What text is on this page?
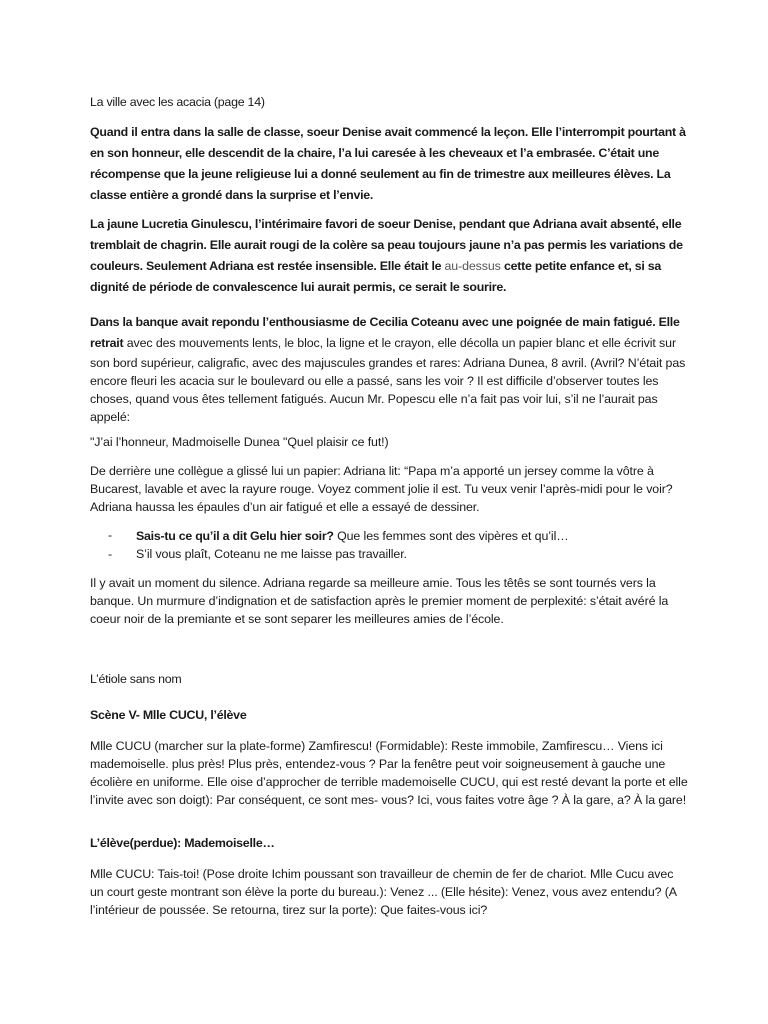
La ville avec les acacia (page 14)

Quand il entra dans la salle de classe, soeur Denise avait commencé la leçon. Elle l’interrompit pourtant à en son honneur, elle descendit de la chaire, l’a lui caresée à les cheveaux et l’a embrasée. C’était une récompense que la jeune religieuse lui a donné seulement au fin de trimestre aux meilleures élèves. La classe entière a grondé dans la surprise et l’envie.

La jaune Lucretia Ginulescu, l’intérimaire favori de soeur Denise, pendant que Adriana avait absenté, elle tremblait de chagrin. Elle aurait rougi de la colère sa peau toujours jaune n’a pas permis les variations de couleurs. Seulement Adriana est restée insensible. Elle était le au-dessus cette petite enfance et, si sa dignité de période de convalescence lui aurait permis, ce serait le sourire.

Dans la banque avait repondu l’enthousiasme de Cecilia Coteanu avec une poignée de main fatigué. Elle retrait avec des mouvements lents, le bloc, la ligne et le crayon, elle décolla un papier blanc et elle écrivit sur son bord supérieur, caligrafic, avec des majuscules grandes et rares: Adriana Dunea, 8 avril. (Avril? N’était pas encore fleuri les acacia sur le boulevard ou elle a passé, sans les voir ? Il est difficile d’observer toutes les choses, quand vous êtes tellement fatigués. Aucun Mr. Popescu elle n’a fait pas voir lui, s’il ne l’aurait pas appelé:

"J’ai l’honneur, Madmoiselle Dunea "Quel plaisir ce fut!)

De derrière une collègue a glissé lui un papier: Adriana lit: “Papa m’a apporté un jersey comme la vôtre à Bucarest, lavable et avec la rayure rouge. Voyez comment jolie il est. Tu veux venir l’après-midi pour le voir? Adriana haussa les épaules d’un air fatigué et elle a essayé de dessiner.

- Sais-tu ce qu’il a dit Gelu hier soir? Que les femmes sont des vipères et qu’il…
- S’il vous plaît, Coteanu ne me laisse pas travailler.

Il y avait un moment du silence. Adriana regarde sa meilleure amie. Tous les têtês se sont tournés vers la banque. Un murmure d’indignation et de satisfaction après le premier moment de perplexité: s’était avéré la coeur noir de la premiante et se sont separer les meilleures amies de l’école.

L’étiole sans nom

Scène V- Mlle CUCU, l’élève

Mlle CUCU (marcher sur la plate-forme) Zamfirescu! (Formidable): Reste immobile, Zamfirescu… Viens ici mademoiselle. plus près! Plus près, entendez-vous ? Par la fenêtre peut voir soigneusement à gauche une écolière en uniforme. Elle oise d’approcher de terrible mademoiselle CUCU, qui est resté devant la porte et elle l’invite avec son doigt): Par conséquent, ce sont mes- vous? Ici, vous faites votre âge ? À la gare, a? À la gare!

L’élève(perdue): Mademoiselle…

Mlle CUCU: Tais-toi! (Pose droite Ichim poussant son travailleur de chemin de fer de chariot. Mlle Cucu avec un court geste montrant son élève la porte du bureau.): Venez ... (Elle hésite): Venez, vous avez entendu? (A l’intérieur de poussée. Se retourna, tirez sur la porte): Que faites-vous ici?
